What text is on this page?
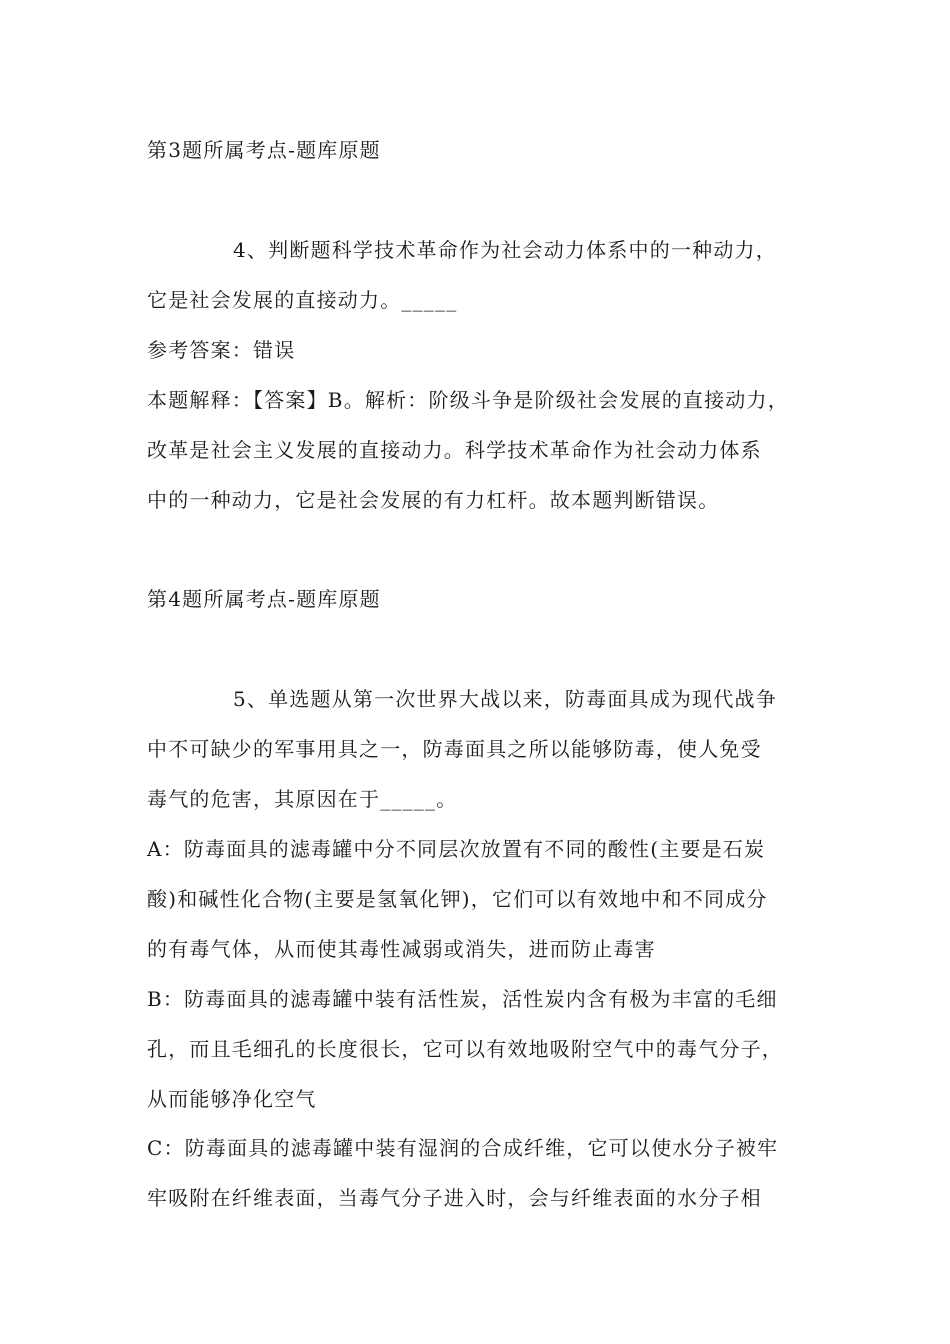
第3题所属考点-题库原题
4、判断题科学技术革命作为社会动力体系中的一种动力，
它是社会发展的直接动力。_____
参考答案：错误
本题解释：【答案】B。解析：阶级斗争是阶级社会发展的直接动力，
改革是社会主义发展的直接动力。科学技术革命作为社会动力体系
中的一种动力，它是社会发展的有力杠杆。故本题判断错误。
第4题所属考点-题库原题
5、单选题从第一次世界大战以来，防毒面具成为现代战争
中不可缺少的军事用具之一，防毒面具之所以能够防毒，使人免受
毒气的危害，其原因在于_____。
A：防毒面具的滤毒罐中分不同层次放置有不同的酸性(主要是石炭
酸)和碱性化合物(主要是氢氧化钾)，它们可以有效地中和不同成分
的有毒气体，从而使其毒性减弱或消失，进而防止毒害
B：防毒面具的滤毒罐中装有活性炭，活性炭内含有极为丰富的毛细
孔，而且毛细孔的长度很长，它可以有效地吸附空气中的毒气分子，
从而能够净化空气
C：防毒面具的滤毒罐中装有湿润的合成纤维，它可以使水分子被牢
牢吸附在纤维表面，当毒气分子进入时，会与纤维表面的水分子相
